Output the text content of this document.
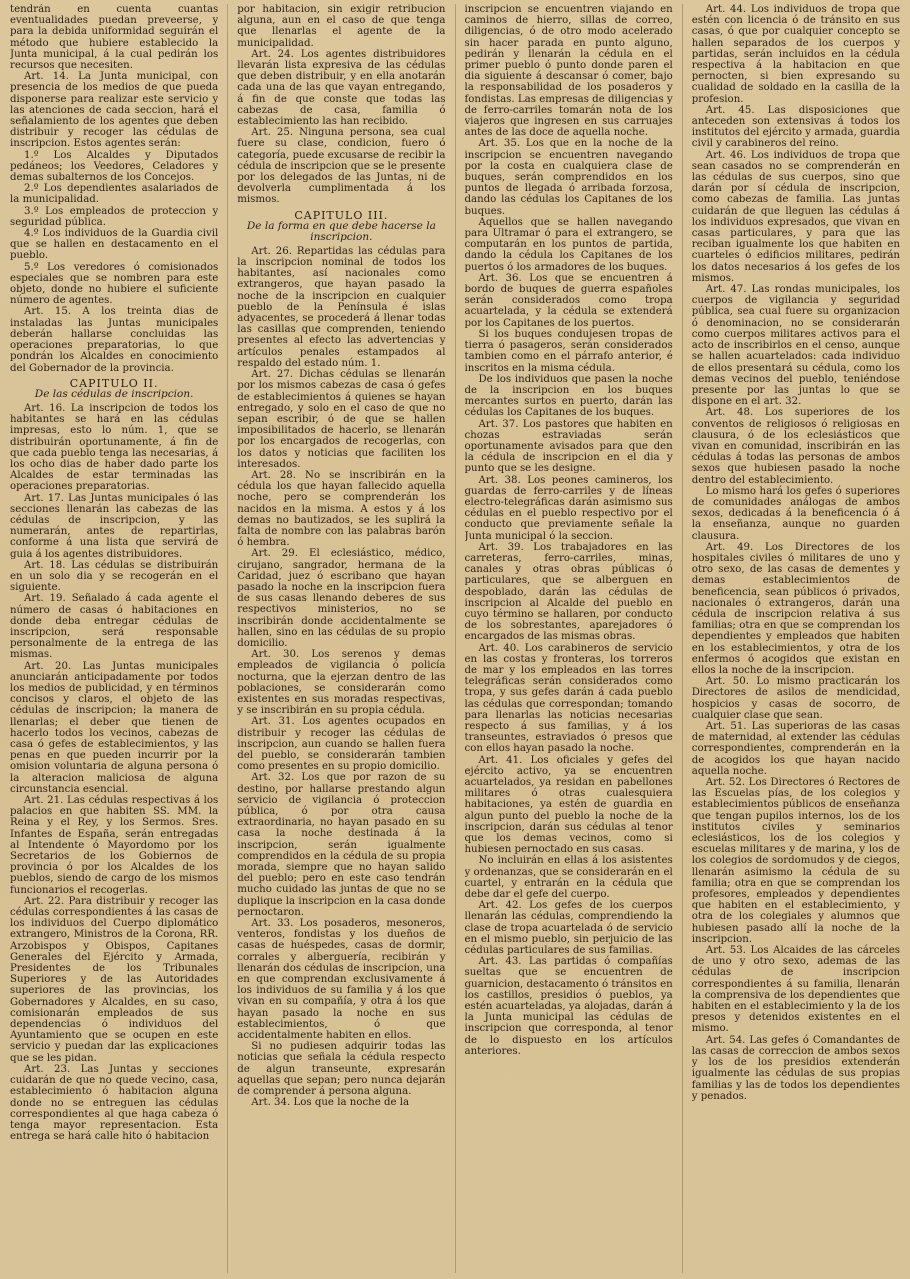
tendrán en cuenta cuantas eventualidades puedan preveerse, y para la debida uniformidad seguirán el método que hubiere establecido la Junta municipal, á la cual pedirán los recursos que necesiten.

Art. 14. La Junta municipal, con presencia de los medios de que pueda disponerse para realizar este servicio y las atenciones de cada seccion, hará el señalamiento de los agentes que deben distribuir y recoger las cédulas de inscripcion. Estos agentes serán:

1.º Los Alcaldes y Diputados pedáneos; los Veedores, Celadores y demas subalternos de los Concejos.

2.º Los dependientes asalariados de la municipalidad.

3.º Los empleados de proteccion y seguridad pública.

4.º Los individuos de la Guardia civil que se hallen en destacamento en el pueblo.

5.º Los veredores ó comisionados especiales que se nombren para este objeto, donde no hubiere el suficiente número de agentes.

Art. 15. A los treinta dias de instaladas las Juntas municipales deberán hallarse concluidas las operaciones preparatorias, lo que pondrán los Alcaldes en conocimiento del Gobernador de la provincia.

CAPITULO II.
De las cédulas de inscripcion.

Art. 16. La inscripcion de todos los habitantes se hará en las cédulas impresas, esto lo núm. 1, que se distribuirán oportunamente, á fin de que cada pueblo tenga las necesarias, á los ocho dias de haber dado parte los Alcaldes de estar terminadas las operaciones preparatorias.

Art. 17. Las Juntas municipales ó las secciones llenarán las cabezas de las cédulas de inscripcion, y las numerarán, antes de repartirlas, conforme á una lista que servirá de guia á los agentes distribuidores.

Art. 18. Las cédulas se distribuirán en un solo dia y se recogerán en el siguiente.

Art. 19. Señalado á cada agente el número de casas ó habitaciones en donde deba entregar cédulas de inscripcion, será responsable personalmente de la entrega de las mismas.

Art. 20. Las Juntas municipales anunciarán anticipadamente por todos los medios de publicidad, y en términos concisos y claros, el objeto de las cédulas de inscripcion; la manera de llenarlas; el deber que tienen de hacerlo todos los vecinos, cabezas de casa ó gefes de establecimientos, y las penas en que pueden incurrir por la omision voluntaria de alguna persona ó la alteracion maliciosa de alguna circunstancia esencial.

Art. 21. Las cédulas respectivas á los palacios en que habiten SS. MM. la Reina y el Rey, y los Sermos. Sres. Infantes de España, serán entregadas al Intendente ó Mayordomo por los Secretarios de los Gobiernos de provincia ó por los Alcaldes de los pueblos, siendo de cargo de los mismos funcionarios el recogerlas.

Art. 22. Para distribuir y recoger las cédulas correspondientes á las casas de los individuos del Cuerpo diplomático extrangero, Ministros de la Corona, RR. Arzobispos y Obispos, Capitanes Generales del Ejército y Armada, Presidentes de los Tribunales Superiores y de las Autoridades superiores de las provincias, los Gobernadores y Alcaldes, en su caso, comisionarán empleados de sus dependencias ó individuos del Ayuntamiento que se ocupen en este servicio y puedan dar las explicaciones que se les pidan.

Art. 23. Las Juntas y secciones cuidarán de que no quede vecino, casa, establecimiento ó habitacion alguna donde no se entreguen las cédulas correspondientes al que haga cabeza ó tenga mayor representacion. Esta entrega se hará calle hito ó habitacion

por habitacion, sin exigir retribucion alguna, aun en el caso de que tenga que llenarlas el agente de la municipalidad.

Art. 24. Los agentes distribuidores llevarán lista expresiva de las cédulas que deben distribuir, y en ella anotarán cada una de las que vayan entregando, á fin de que conste que todas las cabezas de casa, familia ó establecimiento las han recibido.

Art. 25. Ninguna persona, sea cual fuere su clase, condicion, fuero ó categoría, puede excusarse de recibir la cédula de inscripcion que se le presente por los delegados de las Juntas, ni de devolverla cumplimentada á los mismos.

CAPITULO III.
De la forma en que debe hacerse la inscripcion.

Art. 26. Repartidas las cédulas para la inscripcion nominal de todos los habitantes, así nacionales como extrangeros, que hayan pasado la noche de la inscripcion en cualquier pueblo de la Península é islas adyacentes, se procederá á llenar todas las casillas que comprenden, teniendo presentes al efecto las advertencias y artículos penales estampados al respaldo del estado núm. 1.

Art. 27. Dichas cédulas se llenarán por los mismos cabezas de casa ó gefes de establecimientos á quienes se hayan entregado, y solo en el caso de que no sepan escribir, ó de que se hallen imposibilitados de hacerlo, se llenarán por los encargados de recogerlas, con los datos y noticias que faciliten los interesados.

Art. 28. No se inscribirán en la cédula los que hayan fallecido aquella noche, pero se comprenderán los nacidos en la misma. A estos y á los demas no bautizados, se les suplirá la falta de nombre con las palabras barón ó hembra.

Art. 29. El eclesiástico, médico, cirujano, sangrador, hermana de la Caridad, juez ó escribano que hayan pasado la noche en la inscripcion fuera de sus casas llenando deberes de sus respectivos ministerios, no se inscribirán donde accidentalmente se hallen, sino en las cédulas de su propio domicilio.

Art. 30. Los serenos y demas empleados de vigilancia ó policía nocturna, que la ejerzan dentro de las poblaciones, se considerarán como existentes en sus moradas respectivas, y se inscribirán en su propia cédula.

Art. 31. Los agentes ocupados en distribuir y recoger las cédulas de inscripcion, aun cuando se hallen fuera del pueblo, se considerarán tambien como presentes en su propio domicilio.

Art. 32. Los que por razon de su destino, por hallarse prestando algun servicio de vigilancia ó proteccion pública, ó por otra causa extraordinaria, no hayan pasado en su casa la noche destinada á la inscripcion, serán igualmente comprendidos en la cédula de su propia morada, siempre que no hayan salido del pueblo; pero en este caso tendrán mucho cuidado las juntas de que no se duplique la inscripcion en la casa donde pernoctaron.

Art. 33. Los posaderos, mesoneros, venteros, fondistas y los dueños de casas de huéspedes, casas de dormir, corrales y alberguería, recibirán y llenarán dos cédulas de inscripcion, una en que comprendan exclusivamente á los individuos de su familia y á los que vivan en su compañía, y otra á los que hayan pasado la noche en sus establecimientos, ó que accidentalmente habiten en ellos.

Si no pudiesen adquirir todas las noticias que señala la cédula respecto de algun transeunte, expresarán aquellas que sepan; pero nunca dejarán de comprender á persona alguna.

Art. 34. Los que la noche de la

inscripcion se encuentren viajando en caminos de hierro, sillas de correo, diligencias, ó de otro modo acelerado sin hacer parada en punto alguno, pedirán y llenarán la cédula en el primer pueblo ó punto donde paren el dia siguiente á descansar ó comer, bajo la responsabilidad de los posaderos y fondistas. Las empresas de diligencias y de ferro-carriles tomarán nota de los viajeros que ingresen en sus carruajes antes de las doce de aquella noche.

Art. 35. Los que en la noche de la inscripcion se encuentren navegando por la costa en cualquiera clase de buques, serán comprendidos en los puntos de llegada ó arribada forzosa, dando las cédulas los Capitanes de los buques.

Aquellos que se hallen navegando para Ultramar ó para el extrangero, se computarán en los puntos de partida, dando la cédula los Capitanes de los puertos ó los armadores de los buques.

Art. 36. Los que se encuentren á bordo de buques de guerra españoles serán considerados como tropa acuartelada, y la cédula se extenderá por los Capitanes de los puertos.

Si los buques condujesen tropas de tierra ó pasageros, serán considerados tambien como en el párrafo anterior, é inscritos en la misma cédula.

De los individuos que pasen la noche de la inscripcion en los buques mercantes surtos en puerto, darán las cédulas los Capitanes de los buques.

Art. 37. Los pastores que habiten en chozas estraviadas serán oportunamente avisados para que den la cédula de inscripcion en el dia y punto que se les designe.

Art. 38. Los peones camineros, los guardas de ferro-carriles y de líneas electro-telegráficas darán asimismo sus cédulas en el pueblo respectivo por el conducto que previamente señale la Junta municipal ó la seccion.

Art. 39. Los trabajadores en las carreteras, ferro-carriles, minas, canales y otras obras públicas ó particulares, que se alberguen en despoblado, darán las cédulas de inscripcion al Alcalde del pueblo en cuyo término se hallaren, por conducto de los sobrestantes, aparejadores ó encargados de las mismas obras.

Art. 40. Los carabineros de servicio en las costas y fronteras, los torreros de mar y los empleados en las torres telegráficas serán considerados como tropa, y sus gefes darán á cada pueblo las cédulas que correspondan; tomando para llenarlas las noticias necesarias respecto á sus familias, y á los transeuntes, estraviados ó presos que con ellos hayan pasado la noche.

Art. 41. Los oficiales y gefes del ejército activo, ya se encuentren acuartelados, ya residan en pabellones militares ó otras cualesquiera habitaciones, ya estén de guardia en algun punto del pueblo la noche de la inscripcion, darán sus cédulas al tenor que los demas vecinos, como si hubiesen pernoctado en sus casas.

No incluirán en ellas á los asistentes y ordenanzas, que se considerarán en el cuartel, y entrarán en la cédula que debe dar el gefe del cuerpo.

Art. 42. Los gefes de los cuerpos llenarán las cédulas, comprendiendo la clase de tropa acuartelada ó de servicio en el mismo pueblo, sin perjuicio de las cédulas particulares de sus familias.

Art. 43. Las partidas ó compañías sueltas que se encuentren de guarnicion, destacamento ó tránsitos en los castillos, presidios ó pueblos, ya estén acuarteladas, ya alojadas, darán á la Junta municipal las cédulas de inscripcion que corresponda, al tenor de lo dispuesto en los artículos anteriores.

Art. 44. Los individuos de tropa que estén con licencia ó de tránsito en sus casas, ó que por cualquier concepto se hallen separados de los cuerpos y partidas, serán incluidos en la cédula respectiva á la habitacion en que pernocten, si bien expresando su cualidad de soldado en la casilla de la profesion.

Art. 45. Las disposiciones que anteceden son extensivas á todos los institutos del ejército y armada, guardia civil y carabineros del reino.

Art. 46. Los individuos de tropa que sean casados no se comprenderán en las cédulas de sus cuerpos, sino que darán por sí cédula de inscripcion, como cabezas de familia. Las juntas cuidarán de que lleguen las cédulas á los individuos expresados, que vivan en casas particulares, y para que las reciban igualmente los que habiten en cuarteles ó edificios militares, pedirán los datos necesarios á los gefes de los mismos.

Art. 47. Las rondas municipales, los cuerpos de vigilancia y seguridad pública, sea cual fuere su organizacion ó denominacion, no se considerarán como cuerpos militares activos para el acto de inscribirlos en el censo, aunque se hallen acuartelados: cada individuo de ellos presentará su cédula, como los demas vecinos del pueblo, teniéndose presente por las juntas lo que se dispone en el art. 32.

Art. 48. Los superiores de los conventos de religiosos ó religiosas en clausura, ó de los eclesiásticos que vivan en comunidad, inscribirán en las cédulas á todas las personas de ambos sexos que hubiesen pasado la noche dentro del establecimiento.

Lo mismo hará los gefes ó superiores de comunidades análogas de ambos sexos, dedicadas á la beneficencia ó á la enseñanza, aunque no guarden clausura.

Art. 49. Los Directores de los hospitales civiles ó militares de uno y otro sexo, de las casas de dementes y demas establecimientos de beneficencia, sean públicos ó privados, nacionales ó extrangeros, darán una cédula de inscripcion relativa á sus familias; otra en que se comprendan los dependientes y empleados que habiten en los establecimientos, y otra de los enfermos ó acogidos que existan en ellos la noche de la inscripcion.

Art. 50. Lo mismo practicarán los Directores de asilos de mendicidad, hospicios y casas de socorro, de cualquier clase que sean.

Art. 51. Las superioras de las casas de maternidad, al extender las cédulas correspondientes, comprenderán en la de acogidos los que hayan nacido aquella noche.

Art. 52. Los Directores ó Rectores de las Escuelas pías, de los colegios y establecimientos públicos de enseñanza que tengan pupilos internos, los de los institutos civiles y seminarios eclesiásticos, los de los colegios y escuelas militares y de marina, y los de los colegios de sordomudos y de ciegos, llenarán asimismo la cédula de su familia; otra en que se comprendan los profesores, empleados y dependientes que habiten en el establecimiento, y otra de los colegiales y alumnos que hubiesen pasado allí la noche de la inscripcion.

Art. 53. Los Alcaides de las cárceles de uno y otro sexo, ademas de las cédulas de inscripcion correspondientes á su familia, llenarán la comprensiva de los dependientes que habiten en el establecimiento y la de los presos y detenidos existentes en el mismo.

Art. 54. Las gefes ó Comandantes de las casas de correccion de ambos sexos y los de los presidios extenderán igualmente las cédulas de sus propias familias y las de todos los dependientes y penados.
